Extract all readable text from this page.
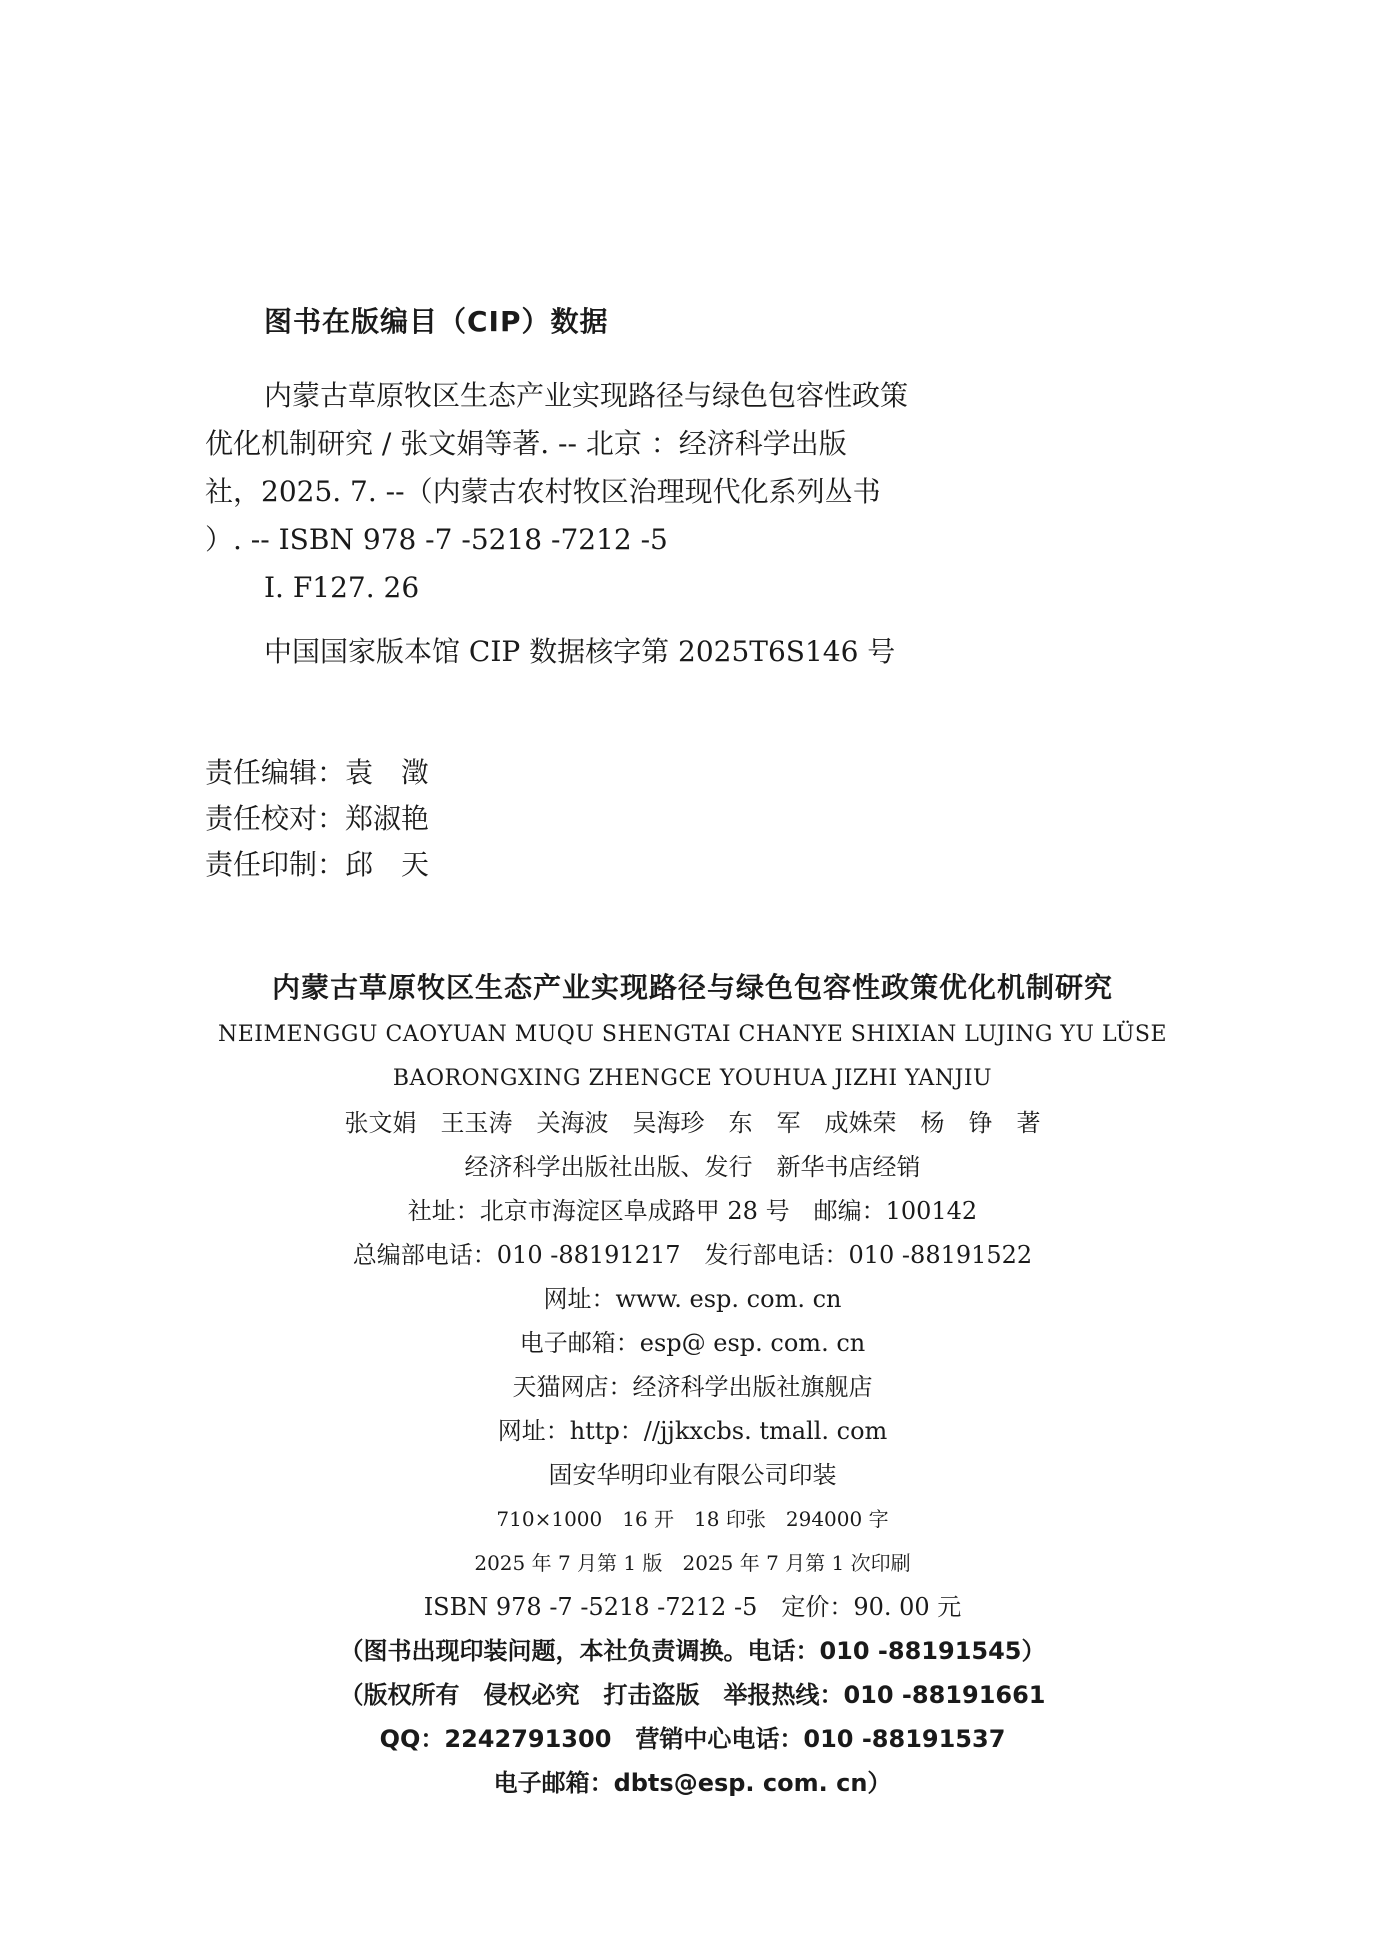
图书在版编目（CIP）数据
内蒙古草原牧区生态产业实现路径与绿色包容性政策
优化机制研究 / 张文娟等著. -- 北京 ：经济科学出版
社，2025. 7. --（内蒙古农村牧区治理现代化系列丛书
）. -- ISBN 978 -7 -5218 -7212 -5
Ⅰ. F127. 26
中国国家版本馆 CIP 数据核字第 2025T6S146 号
责任编辑：袁　澂
责任校对：郑淑艳
责任印制：邱　天
内蒙古草原牧区生态产业实现路径与绿色包容性政策优化机制研究
NEIMENGGU CAOYUAN MUQU SHENGTAI CHANYE SHIXIAN LUJING YU LÜSE
BAORONGXING ZHENGCE YOUHUA JIZHI YANJIU
张文娟　王玉涛　关海波　吴海珍　东　军　成姝荣　杨　铮　著
经济科学出版社出版、发行　新华书店经销
社址：北京市海淀区阜成路甲 28 号　邮编：100142
总编部电话：010 -88191217　发行部电话：010 -88191522
网址：www. esp. com. cn
电子邮箱：esp@ esp. com. cn
天猫网店：经济科学出版社旗舰店
网址：http：//jjkxcbs. tmall. com
固安华明印业有限公司印装
710×1000　16 开　18 印张　294000 字
2025 年 7 月第 1 版　2025 年 7 月第 1 次印刷
ISBN 978 -7 -5218 -7212 -5　定价：90. 00 元
（图书出现印装问题，本社负责调换。电话：010 -88191545）
（版权所有　侵权必究　打击盗版　举报热线：010 -88191661
QQ：2242791300　营销中心电话：010 -88191537
电子邮箱：dbts@esp. com. cn）
